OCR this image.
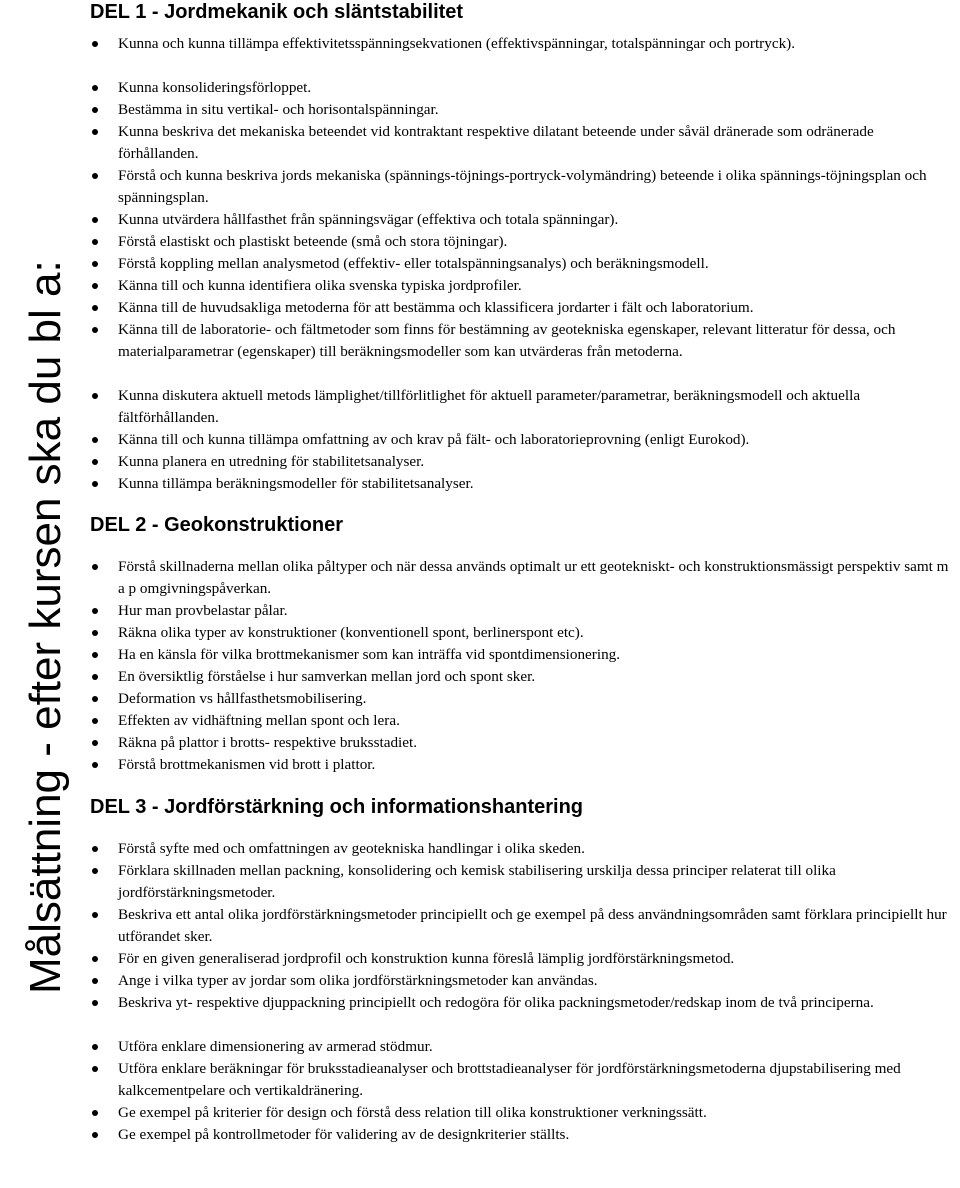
Målsättning - efter kursen ska du bl a:
DEL 1 - Jordmekanik och släntstabilitet
Kunna och kunna tillämpa effektivitetsspänningsekvationen (effektivspänningar, totalspänningar och portryck).
Kunna konsolideringsförloppet.
Bestämma in situ vertikal- och horisontalspänningar.
Kunna beskriva det mekaniska beteendet vid kontraktant respektive dilatant beteende under såväl dränerade som odränerade förhållanden.
Förstå och kunna beskriva jords mekaniska (spännings-töjnings-portryck-volymändring) beteende i olika spännings-töjningsplan och spänningsplan.
Kunna utvärdera hållfasthet från spänningsvägar (effektiva och totala spänningar).
Förstå elastiskt och plastiskt beteende (små och stora töjningar).
Förstå koppling mellan analysmetod (effektiv- eller totalspänningsanalys) och beräkningsmodell.
Känna till och kunna identifiera olika svenska typiska jordprofiler.
Känna till de huvudsakliga metoderna för att bestämma och klassificera jordarter i fält och laboratorium.
Känna till de laboratorie- och fältmetoder som finns för bestämning av geotekniska egenskaper, relevant litteratur för dessa, och materialparametrar (egenskaper) till beräkningsmodeller som kan utvärderas från metoderna.
Kunna diskutera aktuell metods lämplighet/tillförlitlighet för aktuell parameter/parametrar, beräkningsmodell och aktuella fältförhållanden.
Känna till och kunna tillämpa omfattning av och krav på fält- och laboratorieprovning (enligt Eurokod).
Kunna planera en utredning för stabilitetsanalyser.
Kunna tillämpa beräkningsmodeller för stabilitetsanalyser.
DEL 2 - Geokonstruktioner
Förstå skillnaderna mellan olika påltyper och när dessa används optimalt ur ett geotekniskt- och konstruktionsmässigt perspektiv samt m a p omgivningspåverkan.
Hur man provbelastar pålar.
Räkna olika typer av konstruktioner (konventionell spont, berlinerspont etc).
Ha en känsla för vilka brottmekanismer som kan inträffa vid spontdimensionering.
En översiktlig förståelse i hur samverkan mellan jord och spont sker.
Deformation vs hållfasthetsmobilisering.
Effekten av vidhäftning mellan spont och lera.
Räkna på plattor i brotts- respektive bruksstadiet.
Förstå brottmekanismen vid brott i plattor.
DEL 3 - Jordförstärkning och informationshantering
Förstå syfte med och omfattningen av geotekniska handlingar i olika skeden.
Förklara skillnaden mellan packning, konsolidering och kemisk stabilisering urskilja dessa principer relaterat till olika jordförstärkningsmetoder.
Beskriva ett antal olika jordförstärkningsmetoder principiellt och ge exempel på dess användningsområden samt förklara principiellt hur utförandet sker.
För en given generaliserad jordprofil och konstruktion kunna föreslå lämplig jordförstärkningsmetod.
Ange i vilka typer av jordar som olika jordförstärkningsmetoder kan användas.
Beskriva yt- respektive djuppackning principiellt och redogöra för olika packningsmetoder/redskap inom de två principerna.
Utföra enklare dimensionering av armerad stödmur.
Utföra enklare beräkningar för bruksstadieanalyser och brottstadieanalyser för jordförstärkningsmetoderna djupstabilisering med kalkcementpelare och vertikaldränering.
Ge exempel på kriterier för design och förstå dess relation till olika konstruktioner verkningssätt.
Ge exempel på kontrollmetoder för validering av de designkriterier ställts.
